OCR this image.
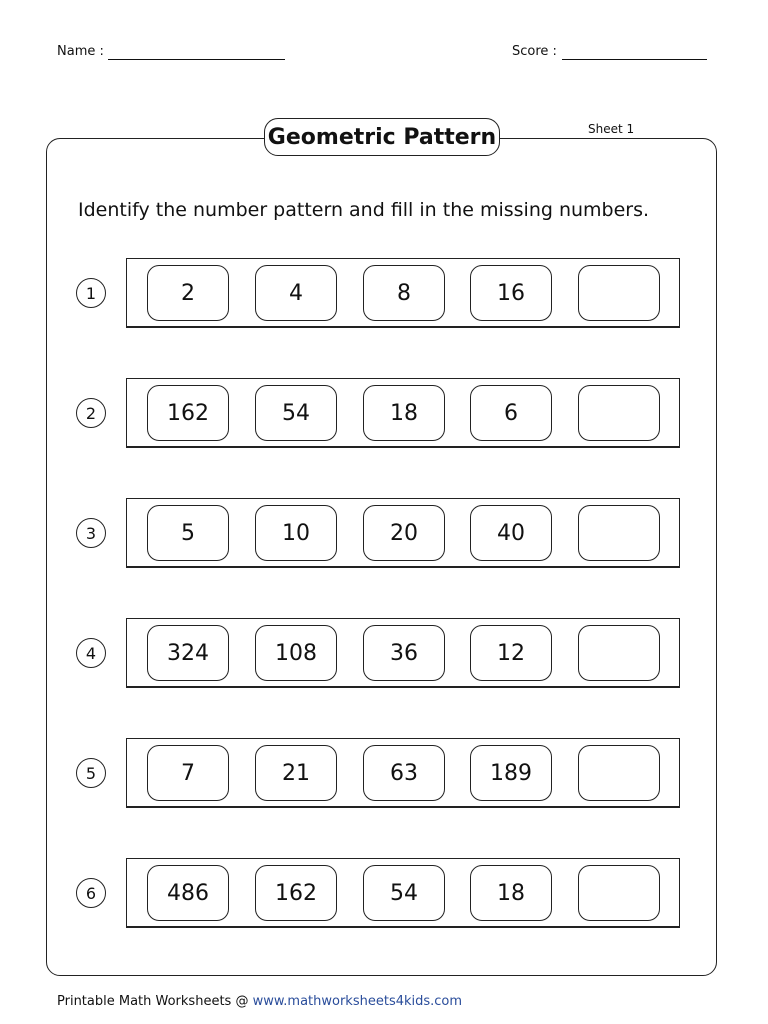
Name :	Score :
Geometric Pattern	Sheet 1
Identify the number pattern and fill in the missing numbers.
1	2	4	8	16
2	162	54	18	6
3	5	10	20	40
4	324	108	36	12
5	7	21	63	189
6	486	162	54	18
Printable Math Worksheets @ www.mathworksheets4kids.com
